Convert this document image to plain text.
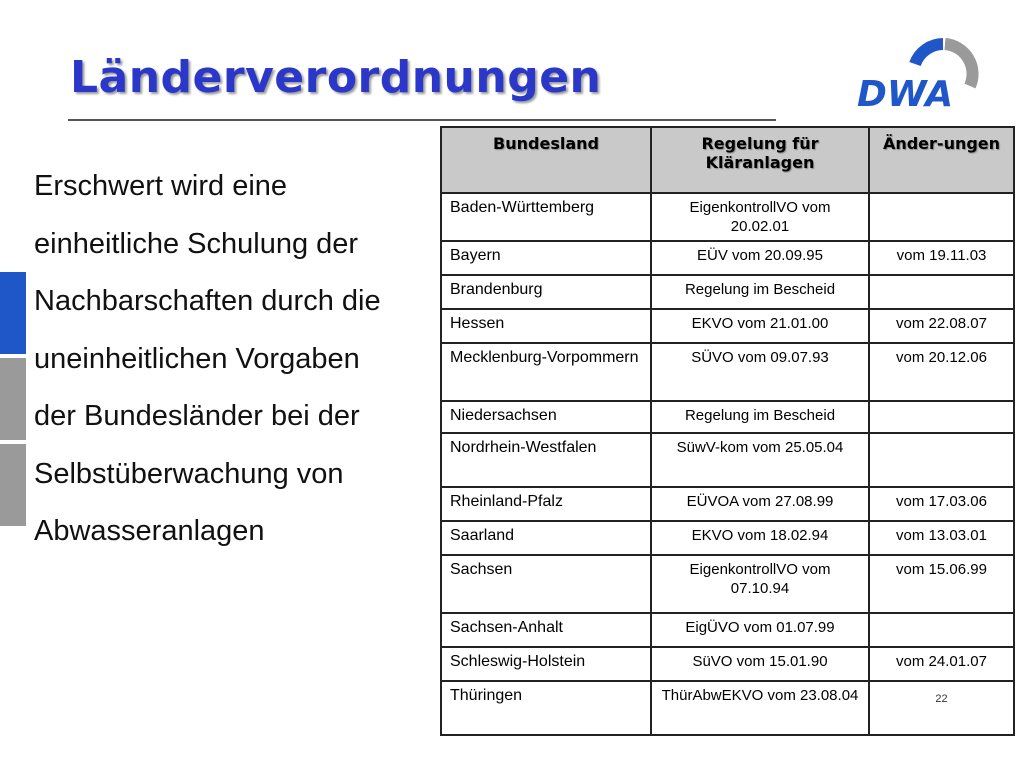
Länderverordnungen	DWA
Erschwert wird eine
einheitliche Schulung der
Nachbarschaften durch die
uneinheitlichen Vorgaben
der Bundesländer bei der
Selbstüberwachung von
Abwasseranlagen
Bundesland	Regelung für Kläranlagen	Änder-ungen
Baden-Württemberg	EigenkontrollVO vom 20.02.01	
Bayern	EÜV vom 20.09.95	vom 19.11.03
Brandenburg	Regelung im Bescheid	
Hessen	EKVO vom 21.01.00	vom 22.08.07
Mecklenburg-Vorpommern	SÜVO vom 09.07.93	vom 20.12.06
Niedersachsen	Regelung im Bescheid	
Nordrhein-Westfalen	SüwV-kom vom 25.05.04	
Rheinland-Pfalz	EÜVOA vom 27.08.99	vom 17.03.06
Saarland	EKVO vom 18.02.94	vom 13.03.01
Sachsen	EigenkontrollVO vom 07.10.94	vom 15.06.99
Sachsen-Anhalt	EigÜVO vom 01.07.99	
Schleswig-Holstein	SüVO vom 15.01.90	vom 24.01.07
Thüringen	ThürAbwEKVO vom 23.08.04	22
